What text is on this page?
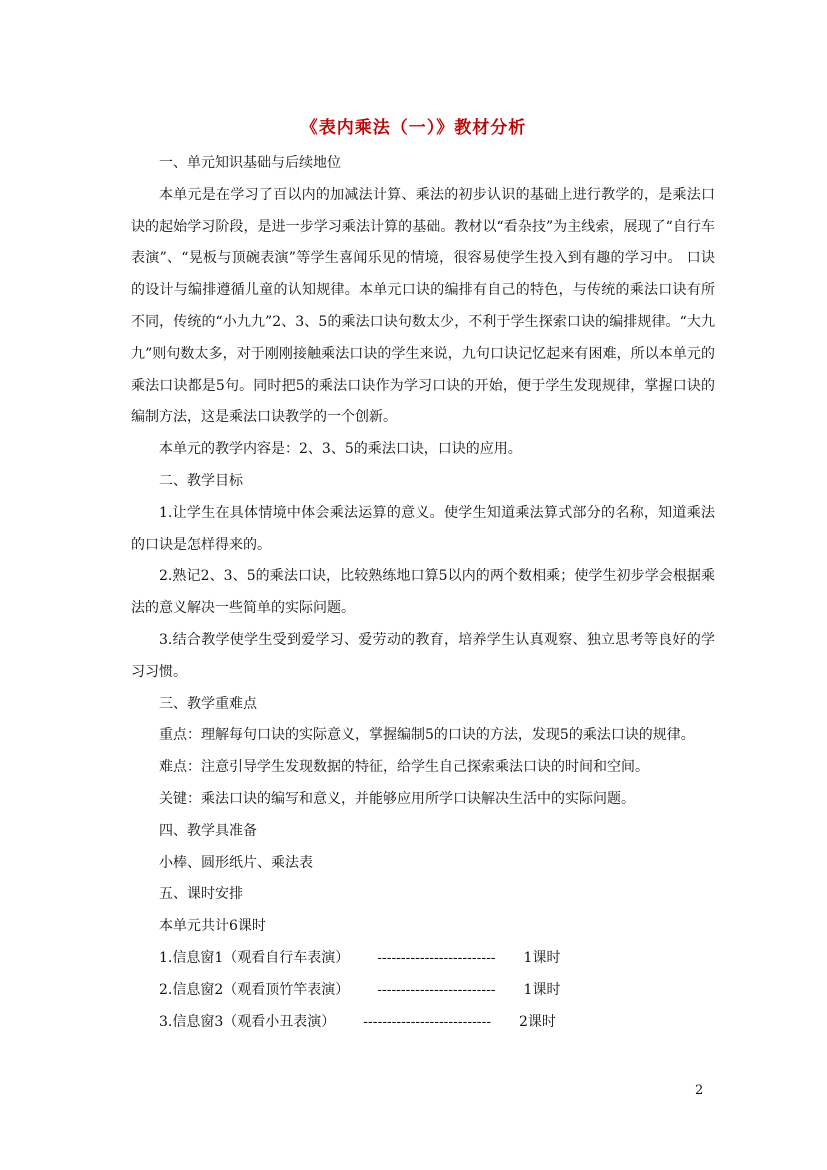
《表内乘法（一）》教材分析

一、单元知识基础与后续地位

本单元是在学习了百以内的加减法计算、乘法的初步认识的基础上进行教学的，是乘法口诀的起始学习阶段，是进一步学习乘法计算的基础。教材以“看杂技”为主线索，展现了“自行车表演”、“晃板与顶碗表演”等学生喜闻乐见的情境，很容易使学生投入到有趣的学习中。 口诀的设计与编排遵循儿童的认知规律。本单元口诀的编排有自己的特色，与传统的乘法口诀有所不同，传统的“小九九”2、3、5的乘法口诀句数太少，不利于学生探索口诀的编排规律。“大九九”则句数太多，对于刚刚接触乘法口诀的学生来说，九句口诀记忆起来有困难，所以本单元的乘法口诀都是5句。同时把5的乘法口诀作为学习口诀的开始，便于学生发现规律，掌握口诀的编制方法，这是乘法口诀教学的一个创新。

本单元的教学内容是：2、3、5的乘法口诀，口诀的应用。

二、教学目标

1.让学生在具体情境中体会乘法运算的意义。使学生知道乘法算式部分的名称，知道乘法的口诀是怎样得来的。

2.熟记2、3、5的乘法口诀，比较熟练地口算5以内的两个数相乘；使学生初步学会根据乘法的意义解决一些简单的实际问题。

3.结合教学使学生受到爱学习、爱劳动的教育，培养学生认真观察、独立思考等良好的学习习惯。

三、教学重难点

重点：理解每句口诀的实际意义，掌握编制5的口诀的方法，发现5的乘法口诀的规律。

难点：注意引导学生发现数据的特征，给学生自己探索乘法口诀的时间和空间。

关键：乘法口诀的编写和意义，并能够应用所学口诀解决生活中的实际问题。

四、教学具准备

小棒、圆形纸片、乘法表

五、课时安排

本单元共计6课时

1.信息窗1（观看自行车表演）	-------------------------	1课时

2.信息窗2（观看顶竹竿表演）	-------------------------	1课时

3.信息窗3（观看小丑表演）	---------------------------	2课时

2
